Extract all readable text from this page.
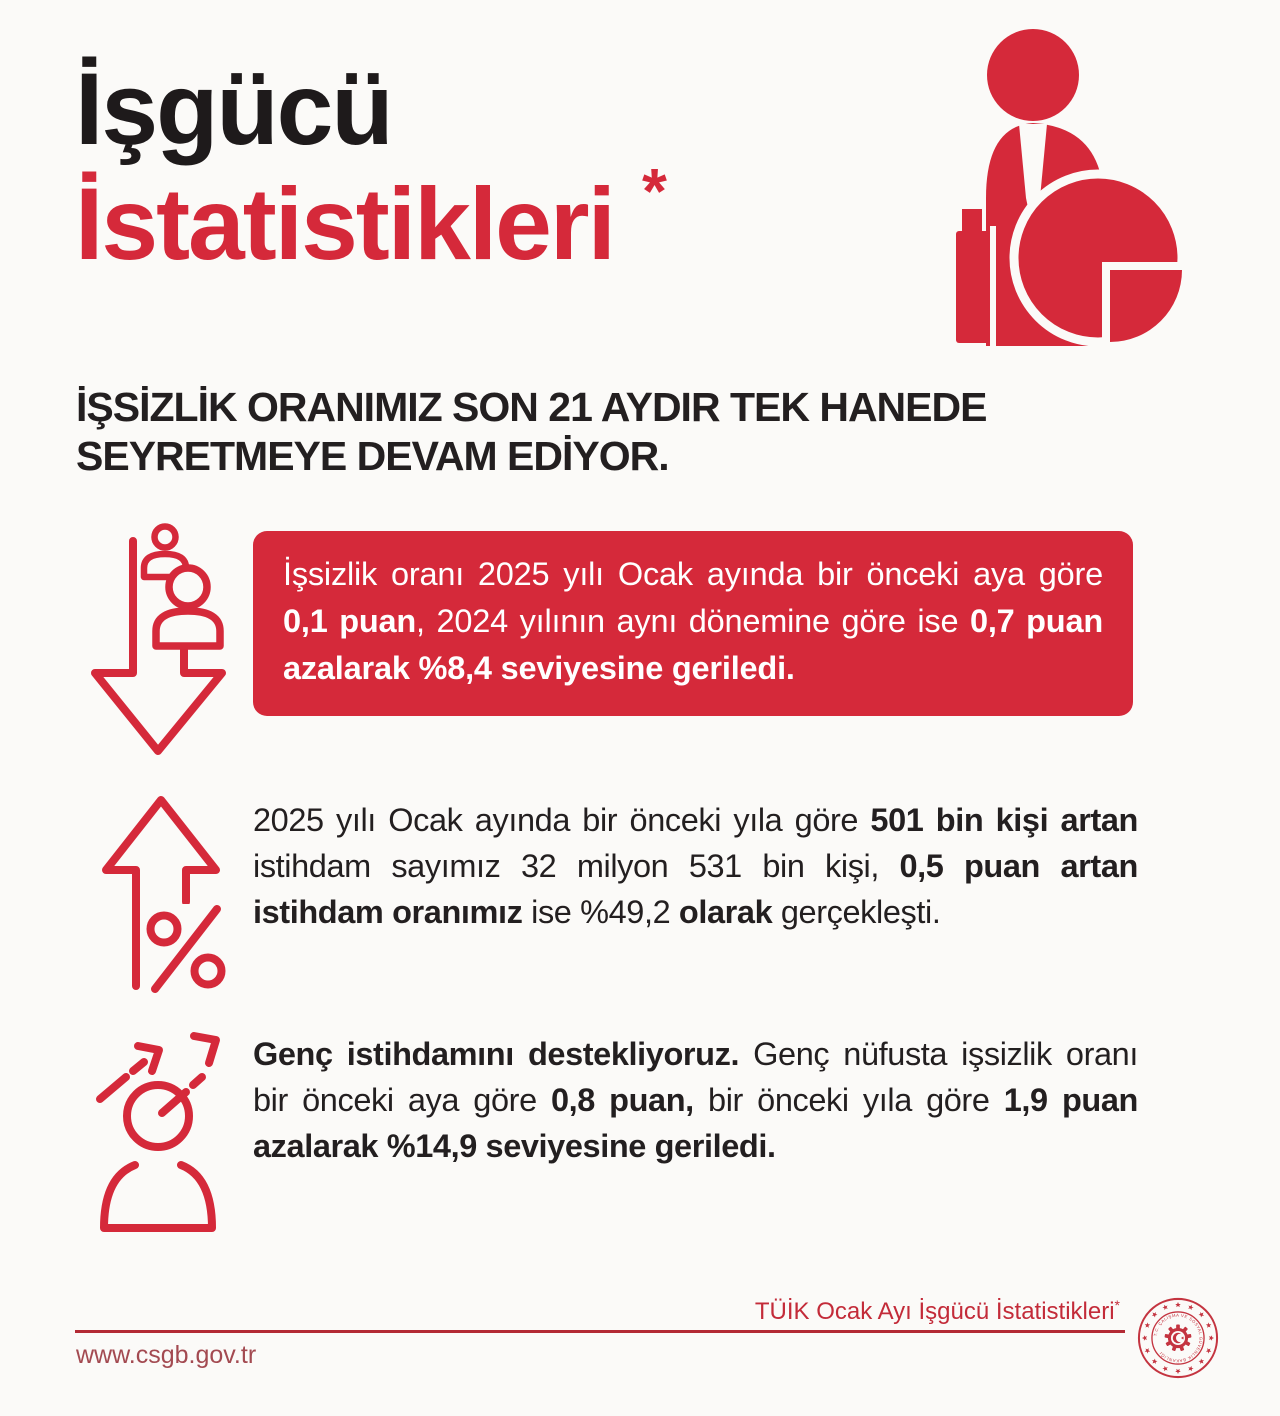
İşgücü
İstatistikleri *
İŞSİZLİK ORANIMIZ SON 21 AYDIR TEK HANEDE
SEYRETMEYE DEVAM EDİYOR.
İşsizlik oranı 2025 yılı Ocak ayında bir önceki aya göre 0,1 puan, 2024 yılının aynı dönemine göre ise 0,7 puan azalarak %8,4 seviyesine geriledi.
2025 yılı Ocak ayında bir önceki yıla göre 501 bin kişi artan istihdam sayımız 32 milyon 531 bin kişi, 0,5 puan artan istihdam oranımız ise %49,2 olarak gerçekleşti.
Genç istihdamını destekliyoruz. Genç nüfusta işsizlik oranı bir önceki aya göre 0,8 puan, bir önceki yıla göre 1,9 puan azalarak %14,9 seviyesine geriledi.
TÜİK Ocak Ayı İşgücü İstatistikleri*
www.csgb.gov.tr
T.C. ÇALIŞMA VE SOSYAL GÜVENLİK BAKANLIĞI
